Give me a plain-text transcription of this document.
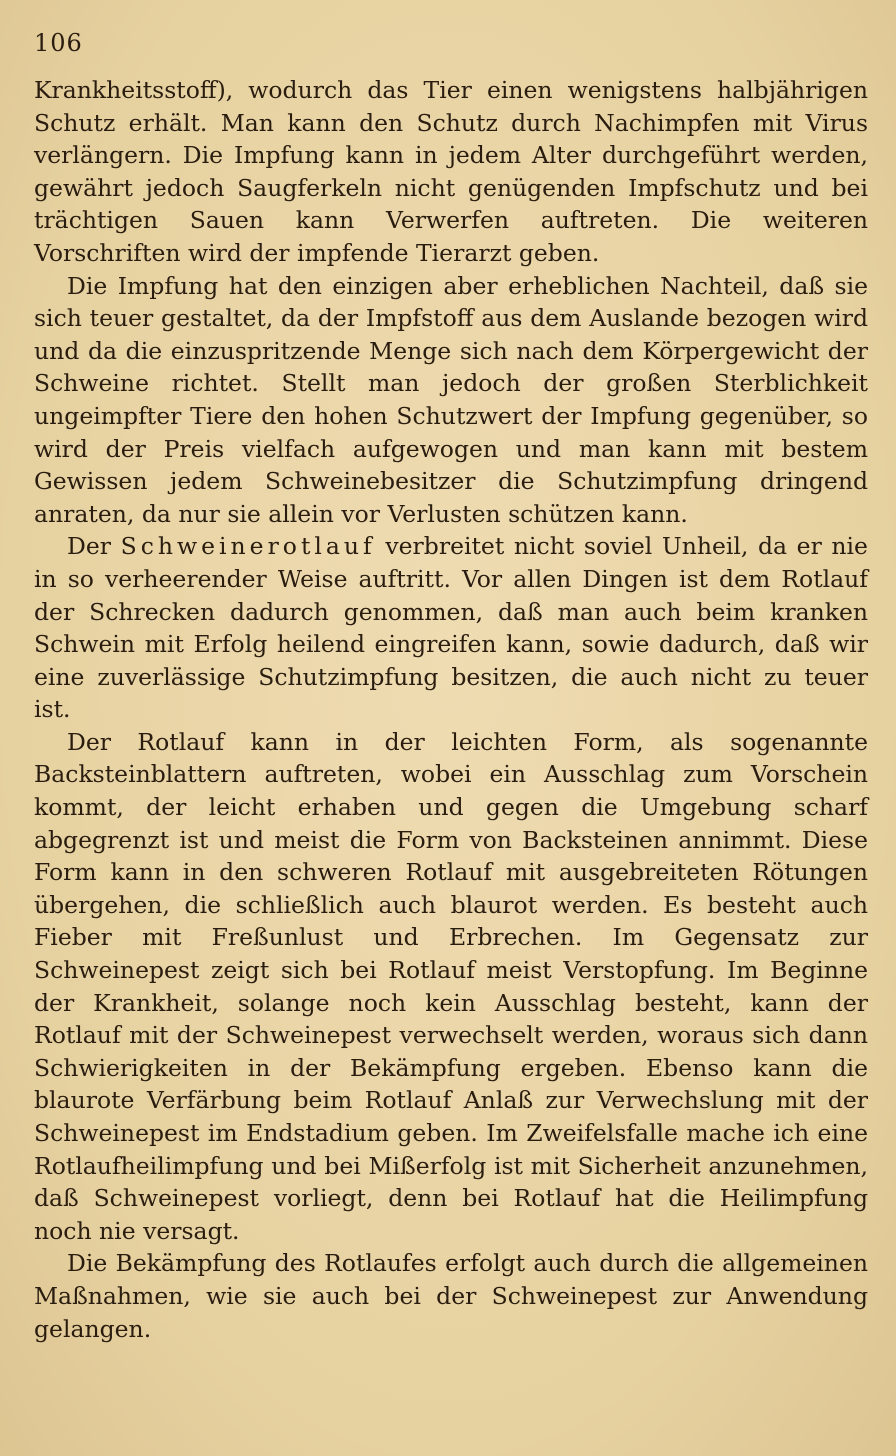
106

Krankheitsstoff), wodurch das Tier einen wenigstens halbjährigen Schutz erhält. Man kann den Schutz durch Nachimpfen mit Virus verlängern. Die Impfung kann in jedem Alter durchgeführt werden, gewährt jedoch Saugferkeln nicht genügenden Impfschutz und bei trächtigen Sauen kann Verwerfen auftreten. Die weiteren Vorschriften wird der impfende Tierarzt geben.

Die Impfung hat den einzigen aber erheblichen Nachteil, daß sie sich teuer gestaltet, da der Impfstoff aus dem Auslande bezogen wird und da die einzuspritzende Menge sich nach dem Körpergewicht der Schweine richtet. Stellt man jedoch der großen Sterblichkeit ungeimpfter Tiere den hohen Schutzwert der Impfung gegenüber, so wird der Preis vielfach aufgewogen und man kann mit bestem Gewissen jedem Schweinebesitzer die Schutzimpfung dringend anraten, da nur sie allein vor Verlusten schützen kann.

Der Schweinerotlauf verbreitet nicht soviel Unheil, da er nie in so verheerender Weise auftritt. Vor allen Dingen ist dem Rotlauf der Schrecken dadurch genommen, daß man auch beim kranken Schwein mit Erfolg heilend eingreifen kann, sowie dadurch, daß wir eine zuverlässige Schutzimpfung besitzen, die auch nicht zu teuer ist.

Der Rotlauf kann in der leichten Form, als sogenannte Backsteinblattern auftreten, wobei ein Ausschlag zum Vorschein kommt, der leicht erhaben und gegen die Umgebung scharf abgegrenzt ist und meist die Form von Backsteinen annimmt. Diese Form kann in den schweren Rotlauf mit ausgebreiteten Rötungen übergehen, die schließlich auch blaurot werden. Es besteht auch Fieber mit Freßunlust und Erbrechen. Im Gegensatz zur Schweinepest zeigt sich bei Rotlauf meist Verstopfung. Im Beginne der Krankheit, solange noch kein Ausschlag besteht, kann der Rotlauf mit der Schweinepest verwechselt werden, woraus sich dann Schwierigkeiten in der Bekämpfung ergeben. Ebenso kann die blaurote Verfärbung beim Rotlauf Anlaß zur Verwechslung mit der Schweinepest im Endstadium geben. Im Zweifelsfalle mache ich eine Rotlaufheilimpfung und bei Mißerfolg ist mit Sicherheit anzunehmen, daß Schweinepest vorliegt, denn bei Rotlauf hat die Heilimpfung noch nie versagt.

Die Bekämpfung des Rotlaufes erfolgt auch durch die allgemeinen Maßnahmen, wie sie auch bei der Schweinepest zur Anwendung gelangen.
